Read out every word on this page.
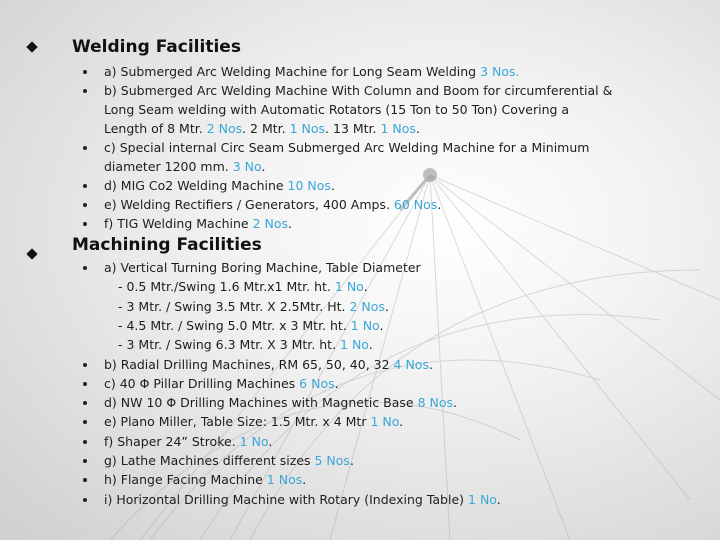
Welding Facilities
a) Submerged Arc Welding Machine for Long Seam Welding 3 Nos.
b) Submerged Arc Welding Machine With Column and Boom for circumferential &
Long Seam welding with Automatic Rotators (15 Ton to 50 Ton) Covering a
Length of 8 Mtr. 2 Nos. 2 Mtr. 1 Nos. 13 Mtr. 1 Nos.
c) Special internal Circ Seam Submerged Arc Welding Machine for a Minimum
diameter 1200 mm. 3 No.
d) MIG Co2 Welding Machine 10 Nos.
e) Welding Rectifiers / Generators, 400 Amps. 60 Nos.
f) TIG Welding Machine 2 Nos.
Machining Facilities
a) Vertical Turning Boring Machine, Table Diameter
- 0.5 Mtr./Swing 1.6 Mtr.x1 Mtr. ht. 1 No.
- 3 Mtr. / Swing 3.5 Mtr. X 2.5Mtr. Ht. 2 Nos.
- 4.5 Mtr. / Swing 5.0 Mtr. x 3 Mtr. ht. 1 No.
- 3 Mtr. / Swing 6.3 Mtr. X 3 Mtr. ht. 1 No.
b) Radial Drilling Machines, RM 65, 50, 40, 32 4 Nos.
c) 40 Φ Pillar Drilling Machines 6 Nos.
d) NW 10 Φ Drilling Machines with Magnetic Base 8 Nos.
e) Plano Miller, Table Size: 1.5 Mtr. x 4 Mtr 1 No.
f) Shaper 24” Stroke. 1 No.
g) Lathe Machines different sizes 5 Nos.
h) Flange Facing Machine 1 Nos.
i) Horizontal Drilling Machine with Rotary (Indexing Table) 1 No.
